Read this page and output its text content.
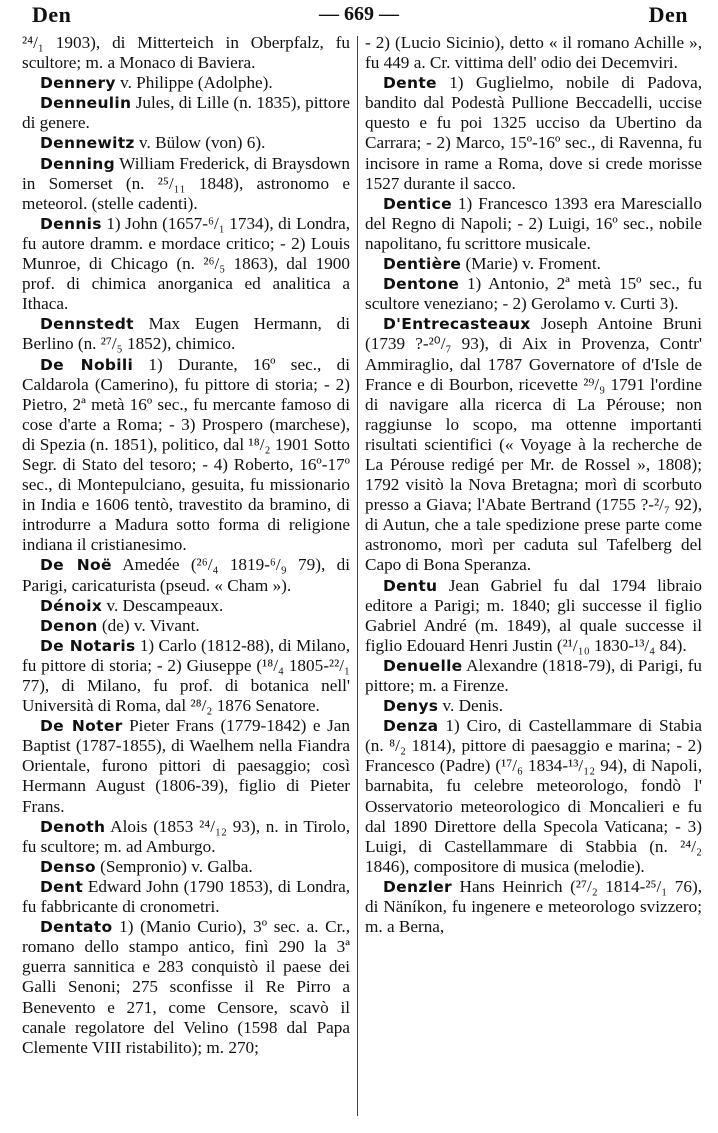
Den	— 669 —	Den

²⁴/₁ 1903), di Mitterteich in Oberpfalz, fu scultore; m. a Monaco di Baviera.

Dennery v. Philippe (Adolphe).

Denneulin Jules, di Lille (n. 1835), pittore di genere.

Dennewitz v. Bülow (von) 6).

Denning William Frederick, di Braysdown in Somerset (n. ²⁵/₁₁ 1848), astronomo e meteorol. (stelle cadenti).

Dennis 1) John (1657-⁶/₁ 1734), di Londra, fu autore dramm. e mordace critico; - 2) Louis Munroe, di Chicago (n. ²⁶/₅ 1863), dal 1900 prof. di chimica anorganica ed analitica a Ithaca.

Dennstedt Max Eugen Hermann, di Berlino (n. ²⁷/₅ 1852), chimico.

De Nobili 1) Durante, 16º sec., di Caldarola (Camerino), fu pittore di storia; - 2) Pietro, 2ª metà 16º sec., fu mercante famoso di cose d'arte a Roma; - 3) Prospero (marchese), di Spezia (n. 1851), politico, dal ¹⁸/₂ 1901 Sotto Segr. di Stato del tesoro; - 4) Roberto, 16º-17º sec., di Montepulciano, gesuita, fu missionario in India e 1606 tentò, travestito da bramino, di introdurre a Madura sotto forma di religione indiana il cristianesimo.

De Noë Amedée (²⁶/₄ 1819-⁶/₉ 79), di Parigi, caricaturista (pseud. « Cham »).

Dénoix v. Descampeaux.

Denon (de) v. Vivant.

De Notaris 1) Carlo (1812-88), di Milano, fu pittore di storia; - 2) Giuseppe (¹⁸/₄ 1805-²²/₁ 77), di Milano, fu prof. di botanica nell' Università di Roma, dal ²⁸/₂ 1876 Senatore.

De Noter Pieter Frans (1779-1842) e Jan Baptist (1787-1855), di Waelhem nella Fiandra Orientale, furono pittori di paesaggio; così Hermann August (1806-39), figlio di Pieter Frans.

Denoth Alois (1853 ²⁴/₁₂ 93), n. in Tirolo, fu scultore; m. ad Amburgo.

Denso (Sempronio) v. Galba.

Dent Edward John (1790 1853), di Londra, fu fabbricante di cronometri.

Dentato 1) (Manio Curio), 3º sec. a. Cr., romano dello stampo antico, finì 290 la 3ª guerra sannitica e 283 conquistò il paese dei Galli Senoni; 275 sconfisse il Re Pirro a Benevento e 271, come Censore, scavò il canale regolatore del Velino (1598 dal Papa Clemente VIII ristabilito); m. 270;

- 2) (Lucio Sicinio), detto « il romano Achille », fu 449 a. Cr. vittima dell' odio dei Decemviri.

Dente 1) Guglielmo, nobile di Padova, bandito dal Podestà Pullione Beccadelli, uccise questo e fu poi 1325 ucciso da Ubertino da Carrara; - 2) Marco, 15º-16º sec., di Ravenna, fu incisore in rame a Roma, dove si crede morisse 1527 durante il sacco.

Dentice 1) Francesco 1393 era Maresciallo del Regno di Napoli; - 2) Luigi, 16º sec., nobile napolitano, fu scrittore musicale.

Dentière (Marie) v. Froment.

Dentone 1) Antonio, 2ª metà 15º sec., fu scultore veneziano; - 2) Gerolamo v. Curti 3).

D'Entrecasteaux Joseph Antoine Bruni (1739 ?-²⁰/₇ 93), di Aix in Provenza, Contr' Ammiraglio, dal 1787 Governatore of d'Isle de France e di Bourbon, ricevette ²⁹/₉ 1791 l'ordine di navigare alla ricerca di La Pérouse; non raggiunse lo scopo, ma ottenne importanti risultati scientifici (« Voyage à la recherche de La Pérouse redigé per Mr. de Rossel », 1808); 1792 visitò la Nova Bretagna; morì di scorbuto presso a Giava; l'Abate Bertrand (1755 ?-²/₇ 92), di Autun, che a tale spedizione prese parte come astronomo, morì per caduta sul Tafelberg del Capo di Bona Speranza.

Dentu Jean Gabriel fu dal 1794 libraio editore a Parigi; m. 1840; gli successe il figlio Gabriel André (m. 1849), al quale successe il figlio Edouard Henri Justin (²¹/₁₀ 1830-¹³/₄ 84).

Denuelle Alexandre (1818-79), di Parigi, fu pittore; m. a Firenze.

Denys v. Denis.

Denza 1) Ciro, di Castellammare di Stabia (n. ⁸/₂ 1814), pittore di paesaggio e marina; - 2) Francesco (Padre) (¹⁷/₆ 1834-¹³/₁₂ 94), di Napoli, barnabita, fu celebre meteorologo, fondò l' Osservatorio meteorologico di Moncalieri e fu dal 1890 Direttore della Specola Vaticana; - 3) Luigi, di Castellammare di Stabbia (n. ²⁴/₂ 1846), compositore di musica (melodie).

Denzler Hans Heinrich (²⁷/₂ 1814-²⁵/₁ 76), di Näníkon, fu ingenere e meteorologo svizzero; m. a Berna,
